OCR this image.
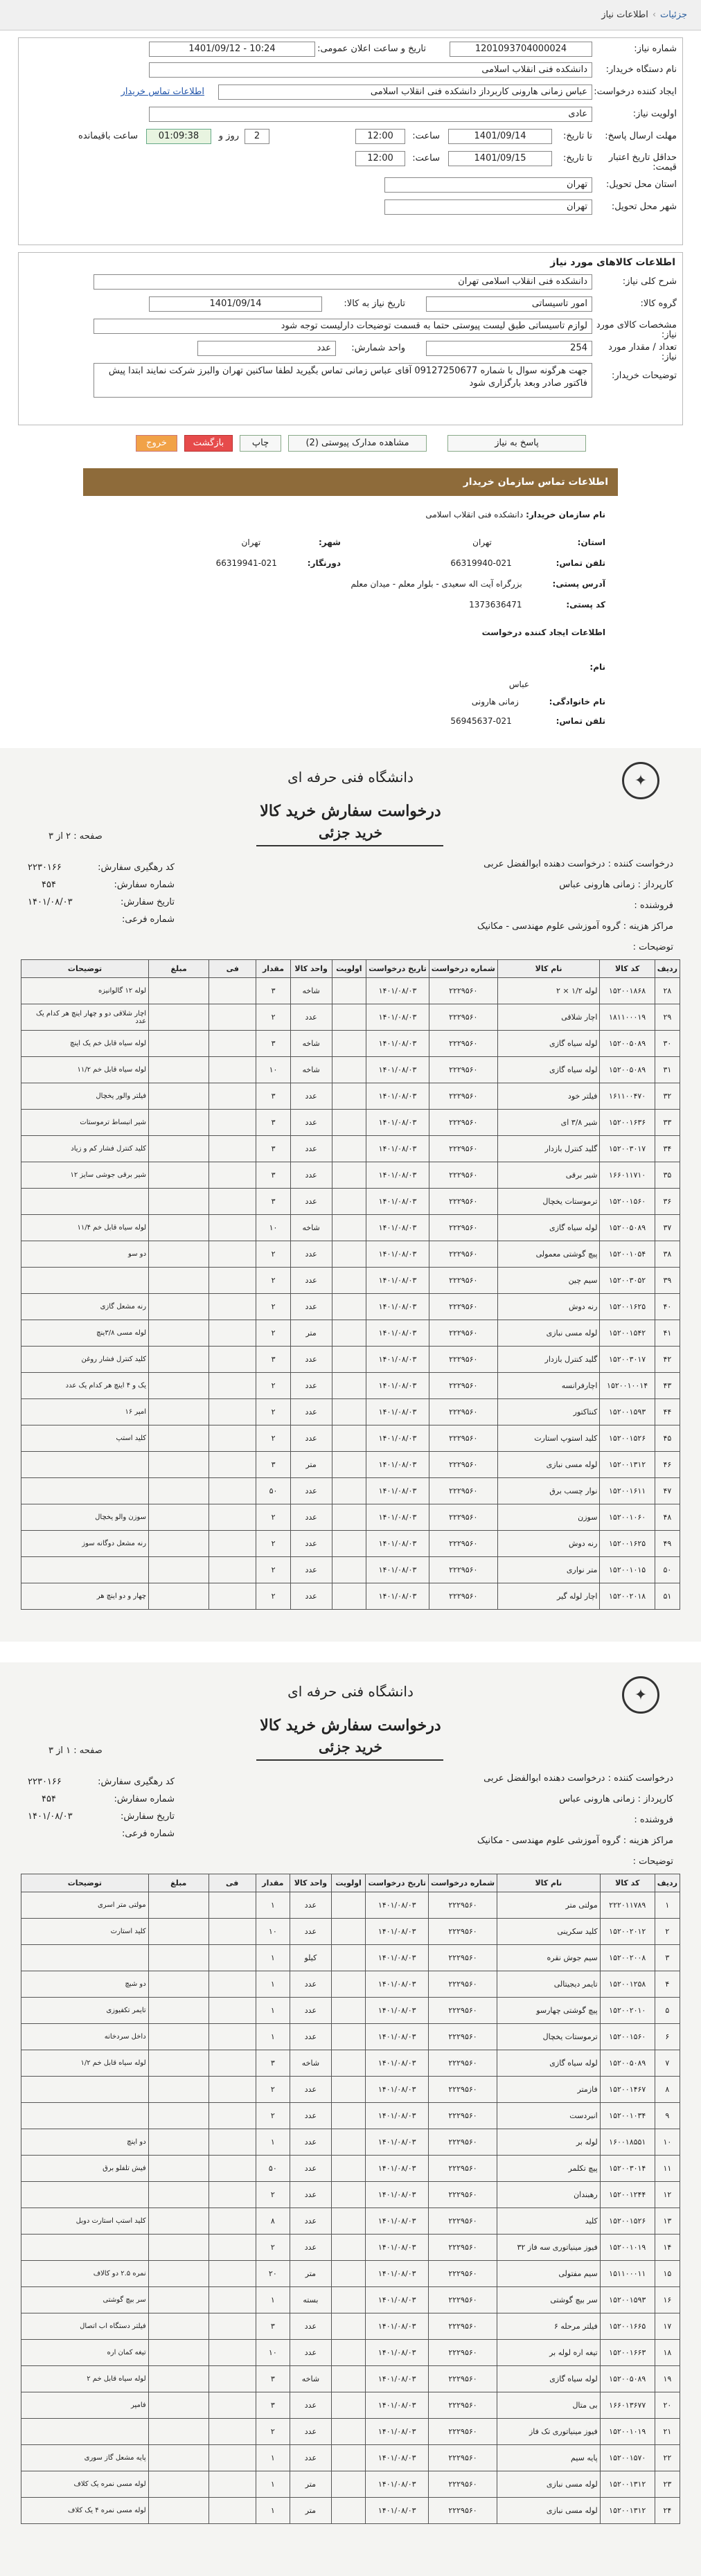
جزئیات
›
اطلاعات نیاز
شماره نیاز:
1201093704000024
تاریخ و ساعت اعلان عمومی:
1401/09/12 - 10:24
نام دستگاه خریدار:
دانشکده فنی انقلاب اسلامی
ایجاد کننده درخواست:
عباس زمانی هارونی کاربرداز دانشکده فنی انقلاب اسلامی
اطلاعات تماس خریدار
اولویت نیاز:
عادی
مهلت ارسال پاسخ:
تا تاریخ:
1401/09/14
ساعت:
12:00
2
روز و
01:09:38
ساعت باقیمانده
حداقل تاریخ اعتبار قیمت:
تا تاریخ:
1401/09/15
ساعت:
12:00
استان محل تحویل:
تهران
شهر محل تحویل:
تهران
اطلاعات کالاهای مورد نیاز
شرح کلی نیاز:
دانشکده فنی انقلاب اسلامی تهران
گروه کالا:
امور تاسیساتی
تاریخ نیاز به کالا:
1401/09/14
مشخصات کالای مورد نیاز:
لوازم تاسیساتی طبق لیست پیوستی حتما به قسمت توضیحات دارلیست توجه شود
تعداد / مقدار مورد نیاز:
254
واحد شمارش:
عدد
توضیحات خریدار:
جهت هرگونه سوال با شماره 09127250677 آقای عباس زمانی تماس بگیرید لطفا ساکنین تهران والبرز شرکت نمایند ابتدا پیش فاکتور صادر وبعد بارگزاری شود
پاسخ به نیاز
مشاهده مدارک پیوستی (2)
چاپ
بازگشت
خروج
اطلاعات تماس سازمان خریدار
نام سازمان خریدار: دانشکده فنی انقلاب اسلامی
استان: تهران
شهر: تهران
تلفن تماس: 021-66319940
دورنگار: 021-66319941
آدرس پستی: بزرگراه آیت اله سعیدی - بلوار معلم - میدان معلم
کد پستی: 1373636471
اطلاعات ایجاد کننده درخواست
نام:
عباس
نام خانوادگی: زمانی هارونی
تلفن تماس: 021-56945637
✦
دانشگاه فنی حرفه ای
درخواست سفارش خرید کالا
خرید جزئی
صفحه : ۲ از ۳
درخواست کننده : درخواست دهنده ابوالفضل عربی
کارپرداز : زمانی هارونی عباس
فروشنده :
مراکز هزینه : گروه آموزشی علوم مهندسی - مکانیک
توضیحات :
کد رهگیری سفارش:
۲۲۳۰۱۶۶
شماره سفارش:
۴۵۴
تاریخ سفارش:
۱۴۰۱/۰۸/۰۳
شماره فرعی:
ردیف	کد کالا	نام کالا	شماره درخواست	تاریخ درخواست	اولویت	واحد کالا	مقدار	فی	مبلغ	توضیحات
۲۸	۱۵۲۰۰۱۸۶۸	لوله ۱/۲ × ۲	۲۲۲۹۵۶۰	۱۴۰۱/۰۸/۰۳		شاخه	۳			لوله ۱۲ گالوانیزه
۲۹	۱۸۱۱۰۰۰۱۹	اچار شلاقی	۲۲۲۹۵۶۰	۱۴۰۱/۰۸/۰۳		عدد	۲			اچار شلاقی دو و چهار اینچ هر کدام یک عدد
۳۰	۱۵۲۰۰۵۰۸۹	لوله سیاه گازی	۲۲۲۹۵۶۰	۱۴۰۱/۰۸/۰۳		شاخه	۳			لوله سیاه قابل خم یک اینچ
۳۱	۱۵۲۰۰۵۰۸۹	لوله سیاه گازی	۲۲۲۹۵۶۰	۱۴۰۱/۰۸/۰۳		شاخه	۱۰			لوله سیاه قابل خم ۱۱/۲
۳۲	۱۶۱۱۰۰۴۷۰	فیلتر خود	۲۲۲۹۵۶۰	۱۴۰۱/۰۸/۰۳		عدد	۳			فیلتر والور یخچال
۳۳	۱۵۲۰۰۱۶۳۶	شیر ۳/۸ ای	۲۲۲۹۵۶۰	۱۴۰۱/۰۸/۰۳		عدد	۳			شیر انبساط ترموستات
۳۴	۱۵۲۰۰۳۰۱۷	گلید کنترل بازدار	۲۲۲۹۵۶۰	۱۴۰۱/۰۸/۰۳		عدد	۳			کلید کنترل فشار کم و زیاد
۳۵	۱۶۶۰۱۱۷۱۰	شیر برقی	۲۲۲۹۵۶۰	۱۴۰۱/۰۸/۰۳		عدد	۳			شیر برقی جوشی سایز ۱۲
۳۶	۱۵۲۰۰۱۵۶۰	ترموستات یخچال	۲۲۲۹۵۶۰	۱۴۰۱/۰۸/۰۳		عدد	۳			
۳۷	۱۵۲۰۰۵۰۸۹	لوله سیاه گازی	۲۲۲۹۵۶۰	۱۴۰۱/۰۸/۰۳		شاخه	۱۰			لوله سیاه قابل خم ۱۱/۴
۳۸	۱۵۲۰۰۱۰۵۴	پیچ گوشتی معمولی	۲۲۲۹۵۶۰	۱۴۰۱/۰۸/۰۳		عدد	۲			دو سو
۳۹	۱۵۲۰۰۳۰۵۲	سیم چین	۲۲۲۹۵۶۰	۱۴۰۱/۰۸/۰۳		عدد	۲			
۴۰	۱۵۲۰۰۱۶۲۵	رنه دوش	۲۲۲۹۵۶۰	۱۴۰۱/۰۸/۰۳		عدد	۲			رنه مشعل گازی
۴۱	۱۵۲۰۰۱۵۴۲	لوله مسی نبازی	۲۲۲۹۵۶۰	۱۴۰۱/۰۸/۰۳		متر	۲			لوله مسی ۳/۸ینچ
۴۲	۱۵۲۰۰۳۰۱۷	گلید کنترل بازدار	۲۲۲۹۵۶۰	۱۴۰۱/۰۸/۰۳		عدد	۳			کلید کنترل فشار روغن
۴۳	۱۵۲۰۰۱۰۰۱۴	اچارفرانسه	۲۲۲۹۵۶۰	۱۴۰۱/۰۸/۰۳		عدد	۲			یک و ۴ اینچ هر کدام یک عدد
۴۴	۱۵۲۰۰۱۵۹۳	کنتاکتور	۲۲۲۹۵۶۰	۱۴۰۱/۰۸/۰۳		عدد	۲			امپر ۱۶
۴۵	۱۵۲۰۰۱۵۲۶	کلید استوپ استارت	۲۲۲۹۵۶۰	۱۴۰۱/۰۸/۰۳		عدد	۲			کلید استپ
۴۶	۱۵۲۰۰۱۳۱۲	لوله مسی نبازی	۲۲۲۹۵۶۰	۱۴۰۱/۰۸/۰۳		متر	۳			
۴۷	۱۵۲۰۰۱۶۱۱	نوار چسب برق	۲۲۲۹۵۶۰	۱۴۰۱/۰۸/۰۳		عدد	۵۰			
۴۸	۱۵۲۰۰۱۰۶۰	سوزن	۲۲۲۹۵۶۰	۱۴۰۱/۰۸/۰۳		عدد	۲			سوزن والو یخچال
۴۹	۱۵۲۰۰۱۶۲۵	رنه دوش	۲۲۲۹۵۶۰	۱۴۰۱/۰۸/۰۳		عدد	۲			رنه مشعل دوگانه سوز
۵۰	۱۵۲۰۰۱۰۱۵	متر نواری	۲۲۲۹۵۶۰	۱۴۰۱/۰۸/۰۳		عدد	۲			
۵۱	۱۵۲۰۰۲۰۱۸	اچار لوله گیر	۲۲۲۹۵۶۰	۱۴۰۱/۰۸/۰۳		عدد	۲			چهار و دو اینچ هر
✦
دانشگاه فنی حرفه ای
درخواست سفارش خرید کالا
خرید جزئی
صفحه : ۱ از ۳
درخواست کننده : درخواست دهنده ابوالفضل عربی
کارپرداز : زمانی هارونی عباس
فروشنده :
مراکز هزینه : گروه آموزشی علوم مهندسی - مکانیک
توضیحات :
کد رهگیری سفارش:
۲۲۳۰۱۶۶
شماره سفارش:
۴۵۴
تاریخ سفارش:
۱۴۰۱/۰۸/۰۳
شماره فرعی:
ردیف	کد کالا	نام کالا	شماره درخواست	تاریخ درخواست	اولویت	واحد کالا	مقدار	فی	مبلغ	توضیحات
۱	۲۲۲۰۱۱۷۸۹	مولتی متر	۲۲۲۹۵۶۰	۱۴۰۱/۰۸/۰۳		عدد	۱			مولتی متر اسری
۲	۱۵۲۰۰۲۰۱۲	کلید سکرینی	۲۲۲۹۵۶۰	۱۴۰۱/۰۸/۰۳		عدد	۱۰			کلید استارت
۳	۱۵۲۰۰۲۰۰۸	سیم جوش نقره	۲۲۲۹۵۶۰	۱۴۰۱/۰۸/۰۳		کیلو	۱			
۴	۱۵۲۰۰۱۲۵۸	تایمر دیجیتالی	۲۲۲۹۵۶۰	۱۴۰۱/۰۸/۰۳		عدد	۱			دو شیچ
۵	۱۵۲۰۰۲۰۱۰	پیچ گوشتی چهارسو	۲۲۲۹۵۶۰	۱۴۰۱/۰۸/۰۳		عدد	۱			تایمر تکفیوزی
۶	۱۵۲۰۰۱۵۶۰	ترموستات یخچال	۲۲۲۹۵۶۰	۱۴۰۱/۰۸/۰۳		عدد	۱			داخل سردخانه
۷	۱۵۲۰۰۵۰۸۹	لوله سیاه گازی	۲۲۲۹۵۶۰	۱۴۰۱/۰۸/۰۳		شاخه	۳			لوله سیاه قابل خم ۱/۲
۸	۱۵۲۰۰۱۴۶۷	فازمتر	۲۲۲۹۵۶۰	۱۴۰۱/۰۸/۰۳		عدد	۲			
۹	۱۵۲۰۰۱۰۳۴	انبردست	۲۲۲۹۵۶۰	۱۴۰۱/۰۸/۰۳		عدد	۲			
۱۰	۱۶۰۰۱۸۵۵۱	لوله بر	۲۲۲۹۵۶۰	۱۴۰۱/۰۸/۰۳		عدد	۱			دو اینچ
۱۱	۱۵۲۰۰۳۰۱۴	پیچ تکلمر	۲۲۲۹۵۶۰	۱۴۰۱/۰۸/۰۳		عدد	۵۰			فیش تلفلو برق
۱۲	۱۵۲۰۰۱۲۴۴	رهبندان	۲۲۲۹۵۶۰	۱۴۰۱/۰۸/۰۳		عدد	۲			
۱۳	۱۵۲۰۰۱۵۲۶	کلید	۲۲۲۹۵۶۰	۱۴۰۱/۰۸/۰۳		عدد	۸			کلید استپ استارت دوبل
۱۴	۱۵۲۰۰۱۰۱۹	فیوز مینیاتوری سه فاز ۳۲	۲۲۲۹۵۶۰	۱۴۰۱/۰۸/۰۳		عدد	۲			
۱۵	۱۵۱۱۰۰۰۱۱	سیم مفتولی	۲۲۲۹۵۶۰	۱۴۰۱/۰۸/۰۳		متر	۲۰			نمره ۲.۵ دو کالاف
۱۶	۱۵۲۰۰۱۵۹۳	سر بیچ گوشتی	۲۲۲۹۵۶۰	۱۴۰۱/۰۸/۰۳		بسته	۱			سر بیچ گوشتی
۱۷	۱۵۲۰۰۱۶۶۵	فیلتر مرحله ۶	۲۲۲۹۵۶۰	۱۴۰۱/۰۸/۰۳		عدد	۳			فیلتر دستگاه اب اتصال
۱۸	۱۵۲۰۰۱۶۶۳	تیغه اره لوله بر	۲۲۲۹۵۶۰	۱۴۰۱/۰۸/۰۳		عدد	۱۰			تیغه کمان اره
۱۹	۱۵۲۰۰۵۰۸۹	لوله سیاه گازی	۲۲۲۹۵۶۰	۱۴۰۱/۰۸/۰۳		شاخه	۳			لوله سیاه قابل خم ۲
۲۰	۱۶۶۰۱۳۶۷۷	بی متال	۲۲۲۹۵۶۰	۱۴۰۱/۰۸/۰۳		عدد	۳			فامپر
۲۱	۱۵۲۰۰۱۰۱۹	فیوز مینیاتوری تک فاز	۲۲۲۹۵۶۰	۱۴۰۱/۰۸/۰۳		عدد	۲			
۲۲	۱۵۲۰۰۱۵۷۰	پایه سیم	۲۲۲۹۵۶۰	۱۴۰۱/۰۸/۰۳		عدد	۱			پایه مشعل گاز سوری
۲۳	۱۵۲۰۰۱۳۱۲	لوله مسی نبازی	۲۲۲۹۵۶۰	۱۴۰۱/۰۸/۰۳		متر	۱			لوله مسی نمره یک کلاف
۲۴	۱۵۲۰۰۱۳۱۲	لوله مسی نبازی	۲۲۲۹۵۶۰	۱۴۰۱/۰۸/۰۳		متر	۱			لوله مسی نمره ۴ یک کلاف
